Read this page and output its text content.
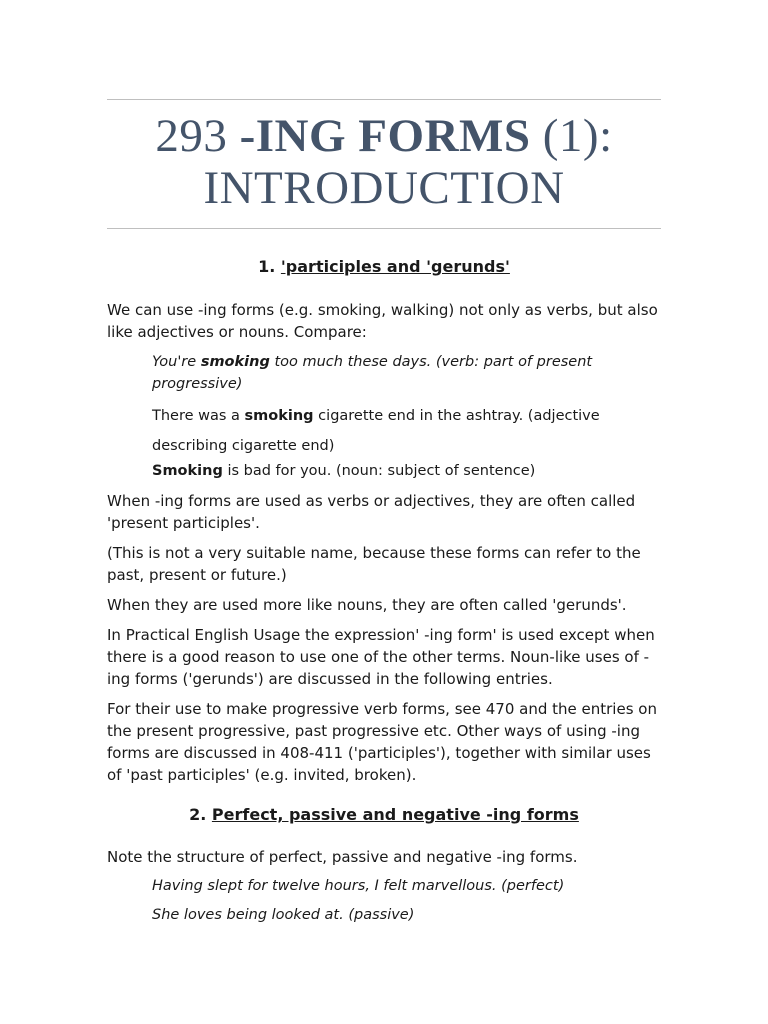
293 -ING FORMS (1):
INTRODUCTION
1. 'participles and 'gerunds'
We can use -ing forms (e.g. smoking, walking) not only as verbs, but also like adjectives or nouns. Compare:
You're smoking too much these days. (verb: part of present progressive)
There was a smoking cigarette end in the ashtray. (adjective describing cigarette end)
Smoking is bad for you. (noun: subject of sentence)
When -ing forms are used as verbs or adjectives, they are often called 'present participles'.
(This is not a very suitable name, because these forms can refer to the past, present or future.)
When they are used more like nouns, they are often called 'gerunds'.
In Practical English Usage the expression' -ing form' is used except when there is a good reason to use one of the other terms. Noun-like uses of -ing forms ('gerunds') are discussed in the following entries.
For their use to make progressive verb forms, see 470 and the entries on the present progressive, past progressive etc. Other ways of using -ing forms are discussed in 408-411 ('participles'), together with similar uses of 'past participles' (e.g. invited, broken).
2. Perfect, passive and negative -ing forms
Note the structure of perfect, passive and negative -ing forms.
Having slept for twelve hours, I felt marvellous. (perfect)
She loves being looked at. (passive)
